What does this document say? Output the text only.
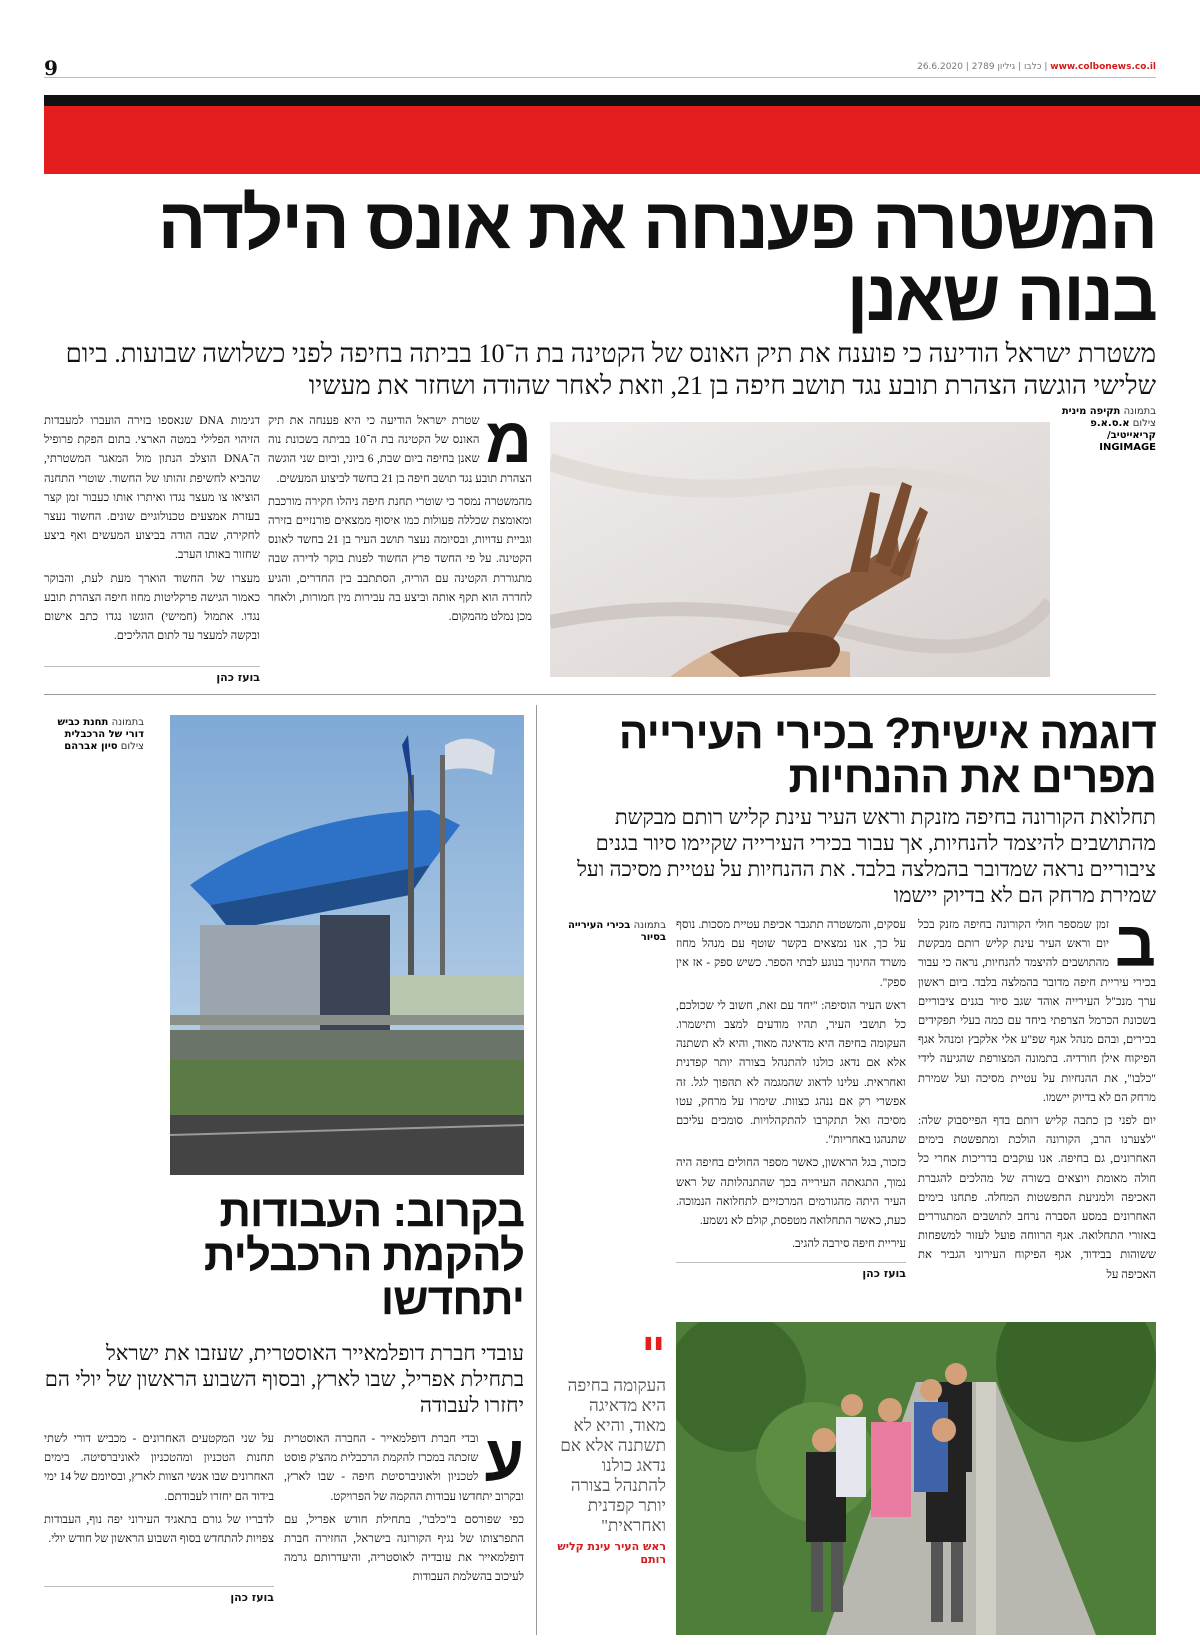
9	כלבו | גיליון 2789 | 26.6.2020 | www.colbonews.co.il
המשטרה פענחה את אונס הילדה בנוה שאנן

משטרת ישראל הודיעה כי פוענח את תיק האונס של הקטינה בת ה־10 בביתה בחיפה לפני כשלושה שבועות. ביום שלישי הוגשה הצהרת תובע נגד תושב חיפה בן 21, וזאת לאחר שהודה ושחזר את מעשיו

בתמונה תקיפה מינית
צילום א.ס.א.פ קריאייטיב/ INGIMAGE
מ
שטרת ישראל הודיעה כי היא פענחה את תיק האונס של הקטינה בת ה־10 בביתה בשכונת נוה שאנן בחיפה ביום שבת, 6 ביוני, וביום שני הוגשה הצהרת תובע נגד תושב חיפה בן 21 בחשד לביצוע המעשים.
מהמשטרה נמסר כי שוטרי תחנת חיפה ניהלו חקירה מורכבת ומאומצת שכללה פעולות כמו איסוף ממצאים פורנזיים בזירה וגביית עדויות, ובסיומה נעצר תושב העיר בן 21 בחשד לאונס הקטינה. על פי החשד פרץ החשוד לפנות בוקר לדירה שבה מתגוררת הקטינה עם הוריה, הסתתבב בין החדרים, והגיע לחדרה הוא תקף אותה וביצע בה עבירות מין חמורות, ולאחר מכן נמלט מהמקום.
דגימות DNA שנאספו בזירה הועברו למעבדות הזיהוי הפלילי במטה הארצי. בתום הפקת פרופיל ה־DNA הוצלב הנתון מול המאגר המשטרתי, שהביא לחשיפת זהותו של החשוד. שוטרי התחנה הוציאו צו מעצר נגדו ואיתרו אותו כעבור זמן קצר בעזרת אמצעים טכנולוגיים שונים. החשוד נעצר לחקירה, שבה הודה בביצוע המעשים ואף ביצע שחזור באותו הערב.
מעצרו של החשוד הוארך מעת לעת, והבוקר כאמור הגישה פרקליטות מחוז חיפה הצהרת תובע נגדו. אתמול (חמישי) הוגשו נגדו כתב אישום ובקשה למעצר עד לתום ההליכים.
בועז כהן
בתמונה תחנת כביש דורי של הרכבלית
צילום סיון אברהם
בקרוב: העבודות להקמת הרכבלית יתחדשו

עובדי חברת דופלמאייר האוסטרית, שעזבו את ישראל בתחילת אפריל, שבו לארץ, ובסוף השבוע הראשון של יולי הם יחזרו לעבודה

ע
ובדי חברת דופלמאייר - החברה האוסטרית שזכתה במכרז להקמת הרכבלית מהצ'ק פוסט לטכניון ולאוניברסיטת חיפה - שבו לארץ, ובקרוב יתחדשו עבודות ההקמה של הפרויקט.
כפי שפורסם ב"כלבו", בתחילת חודש אפריל, עם התפרצותו של נגיף הקורונה בישראל, החזירה חברת דופלמאייר את עובדיה לאוסטריה, והיעדרותם גרמה לעיכוב בהשלמת העבודות
על שני המקטעים האחרונים - מכביש דורי לשתי תחנות הטכניון ומהטכניון לאוניברסיטה. בימים האחרונים שבו אנשי הצוות לארץ, ובסיומם של 14 ימי בידוד הם יחזרו לעבודתם.
לדבריו של גורם בתאגיד העירוני יפה נוף, העבודות צפויות להתחדש בסוף השבוע הראשון של חודש יולי.
בועז כהן
דוגמה אישית? בכירי העירייה מפרים את ההנחיות

תחלואת הקורונה בחיפה מזנקת וראש העיר עינת קליש רותם מבקשת מהתושבים להיצמד להנחיות, אך עבור בכירי העירייה שקיימו סיור בגנים ציבוריים נראה שמדובר בהמלצה בלבד. את ההנחיות על עטיית מסיכה ועל שמירת מרחק הם לא בדיוק יישמו

ב
זמן שמספר חולי הקורונה בחיפה מזנק בכל יום וראש העיר עינת קליש רותם מבקשת מהתושבים להיצמד להנחיות, נראה כי עבור בכירי עיריית חיפה מדובר בהמלצה בלבד. ביום ראשון ערך מנכ"ל העירייה אוהד שגב סיור בגנים ציבוריים בשכונת הכרמל הצרפתי ביחד עם כמה בעלי תפקידים בכירים, ובהם מנהל אגף שפ"ע אלי אלקבץ ומנהל אגף הפיקוח אילן חורדיה. בתמונה המצורפת שהגיעה לידי "כלבו", את ההנחיות על עטיית מסיכה ועל שמירת מרחק הם לא בדיוק יישמו.
יום לפני כן כתבה קליש רותם בדף הפייסבוק שלה: "לצערנו הרב, הקורונה הולכת ומתפשטת בימים האחרונים, גם בחיפה. אנו עוקבים בדריכות אחרי כל חולה מאומת ויוצאים בשורה של מהלכים להגברת האכיפה ולמניעת התפשטות המחלה. פתחנו בימים האחרונים במסע הסברה נרחב לתושבים המתגוררים באזורי התחלואה. אגף הרווחה פועל לעזור למשפחות ששוהות בבידוד, אגף הפיקוח העירוני הגביר את האכיפה על
עסקים, והמשטרה תתגבר אכיפת עטיית מסכות. נוסף על כך, אנו נמצאים בקשר שוטף עם מנהל מחוז משרד החינוך בנוגע לבתי הספר. כשיש ספק - אז אין ספק".
ראש העיר הוסיפה: "יחד עם זאת, חשוב לי שכולכם, כל תושבי העיר, תהיו מודעים למצב ותישמרו. העקומה בחיפה היא מדאיגה מאוד, והיא לא תשתנה אלא אם נדאג כולנו להתנהל בצורה יותר קפדנית ואחראית. עלינו לדאוג שהמגמה לא תהפוך לגל. זה אפשרי רק אם ננהג כצוות. שימרו על מרחק, עטו מסיכה ואל תתקרבו להתקהלויות. סומכים עליכם שתנהגו באחריות".
כזכור, בגל הראשון, כאשר מספר החולים בחיפה היה נמוך, התגאתה העירייה בכך שהתנהלותה של ראש העיר היתה מהגורמים המרכזיים לתחלואה הנמוכה. כעת, כאשר התחלואה מטפסת, קולם לא נשמע.
עיריית חיפה סירבה להגיב.
בתמונה בכירי העירייה בסיור
בועז כהן
"
העקומה בחיפה היא מדאיגה מאוד, והיא לא תשתנה אלא אם נדאג כולנו להתנהל בצורה יותר קפדנית ואחראית"
ראש העיר עינת קליש רותם
